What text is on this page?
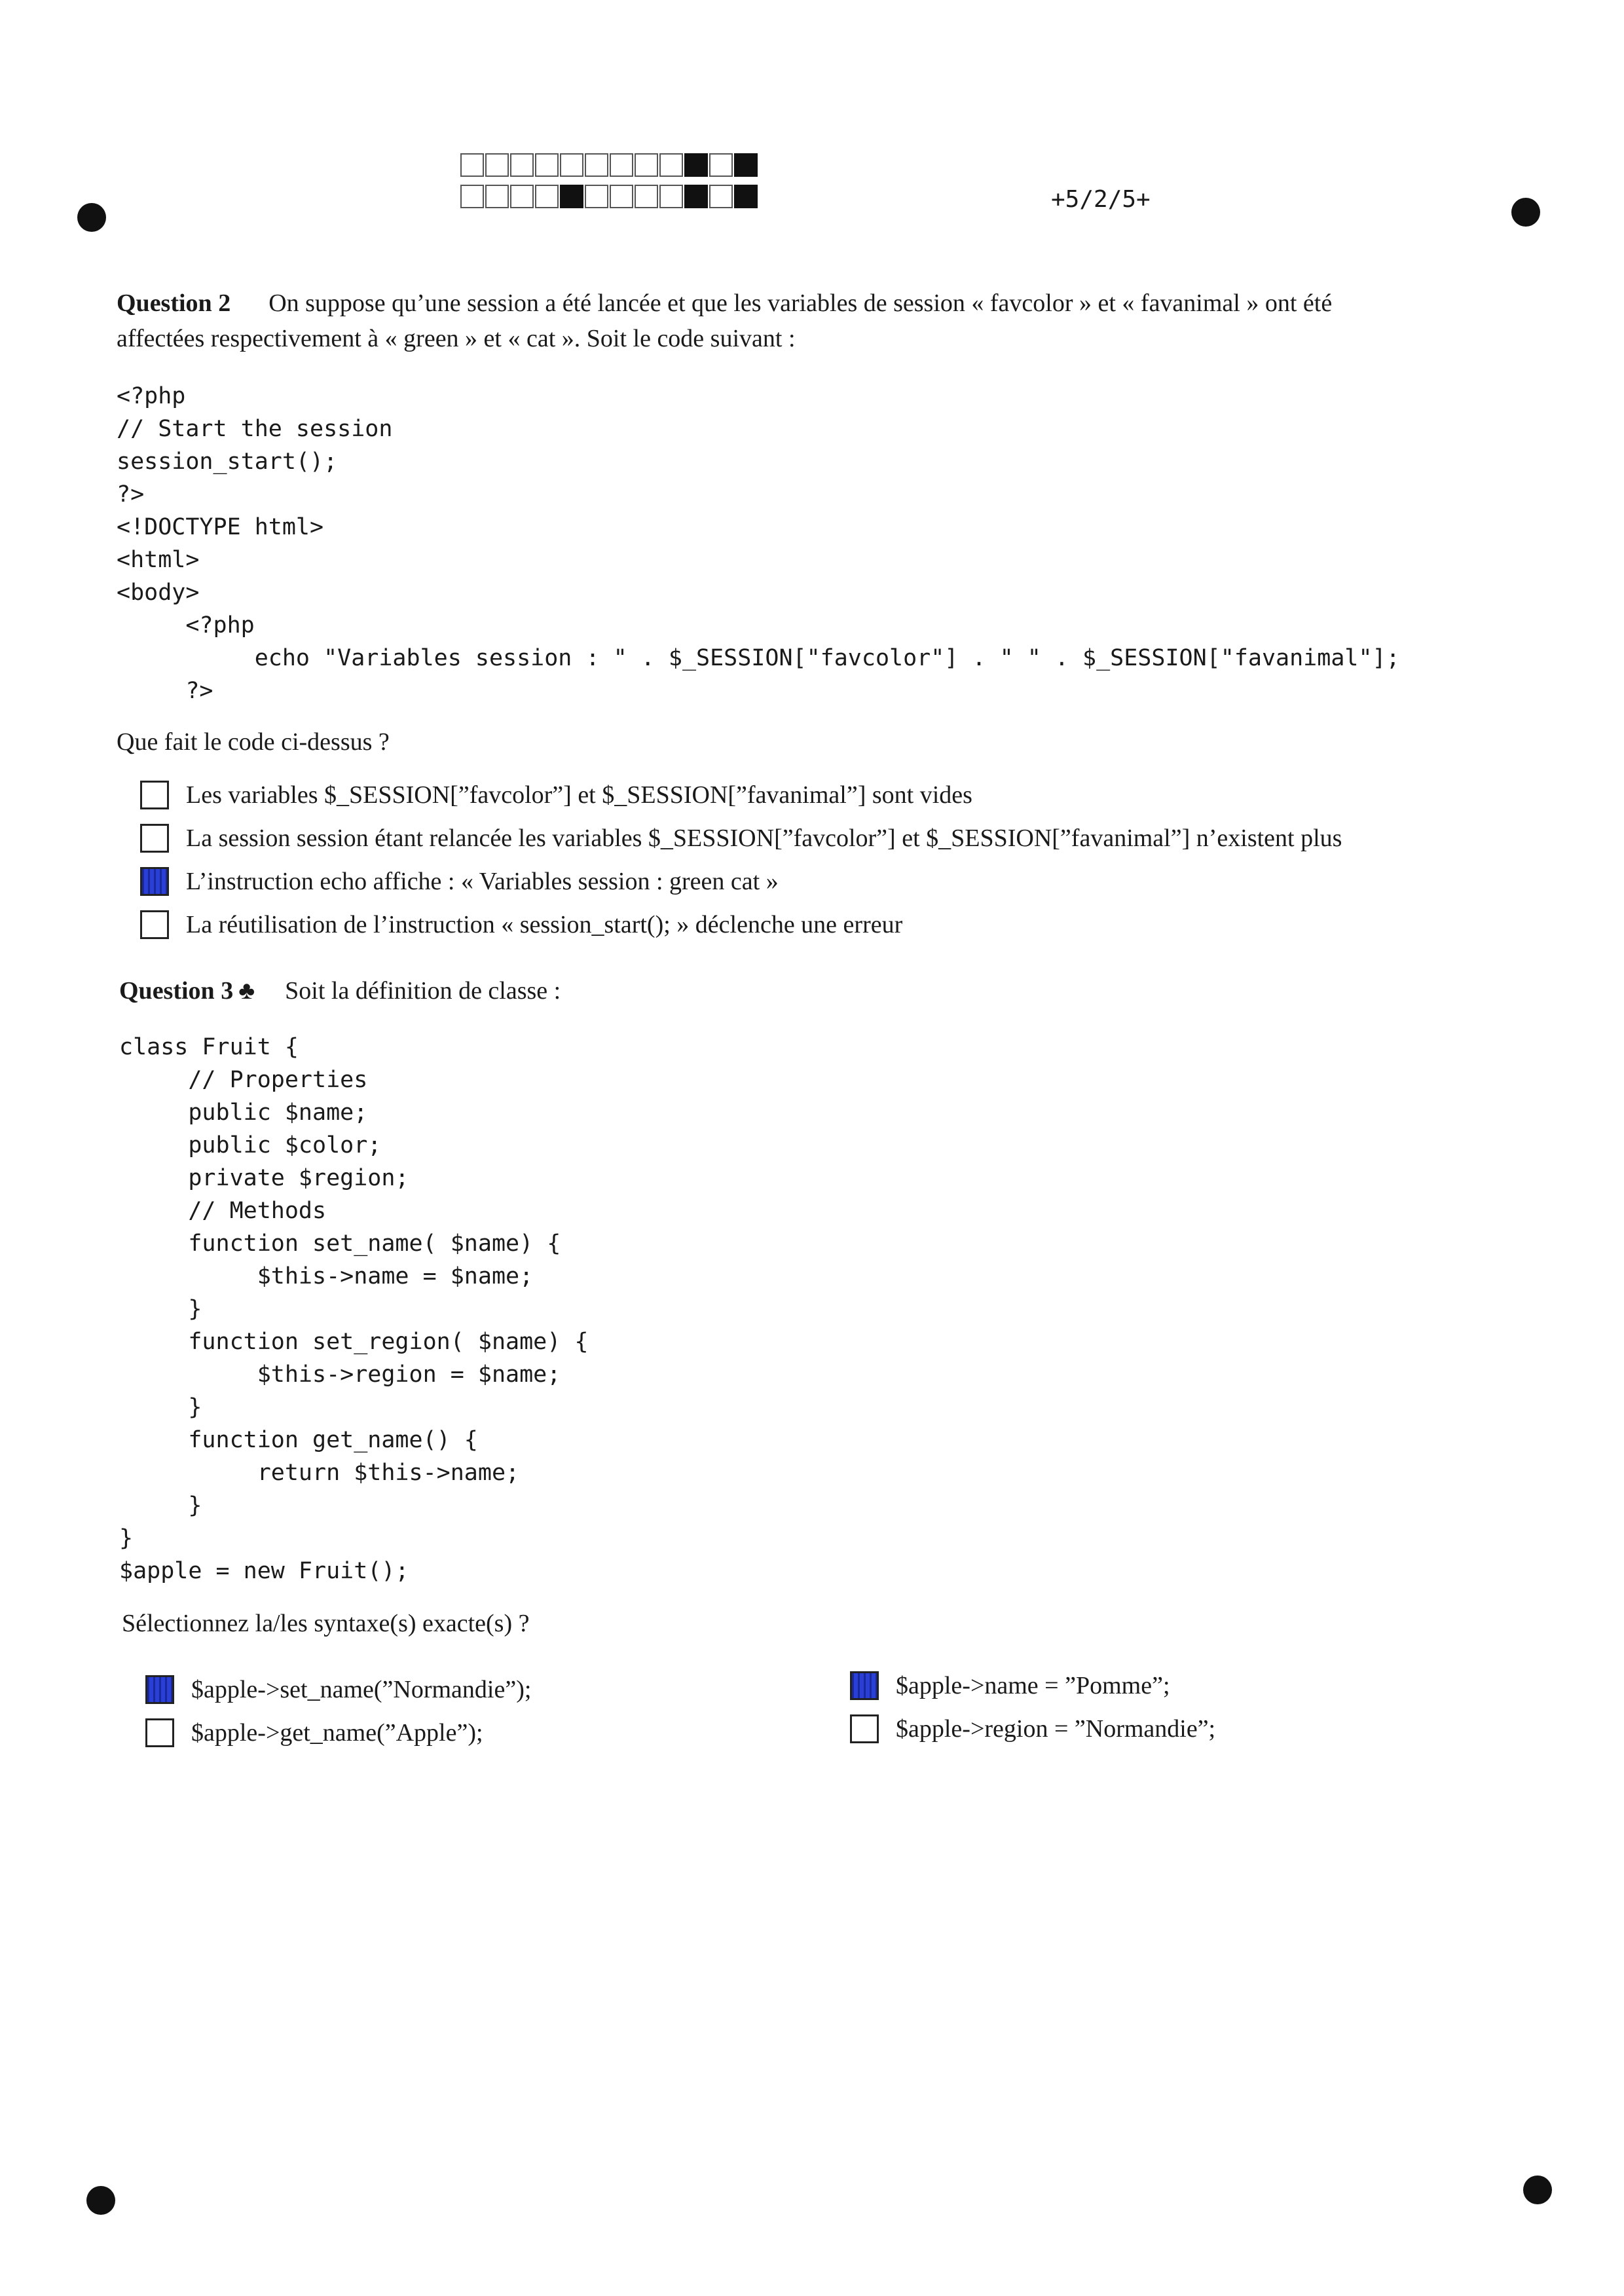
+5/2/5+
Question 2 On suppose qu’une session a été lancée et que les variables de session « favcolor » et « favanimal » ont été
affectées respectivement à « green » et « cat ». Soit le code suivant :
<?php
// Start the session
session_start();
?>
<!DOCTYPE html>
<html>
<body>
<?php
echo "Variables session : " . $_SESSION["favcolor"] . " " . $_SESSION["favanimal"];
?>
Que fait le code ci-dessus ?
Les variables $_SESSION[”favcolor”] et $_SESSION[”favanimal”] sont vides
La session session étant relancée les variables $_SESSION[”favcolor”] et $_SESSION[”favanimal”] n’existent plus
L’instruction echo affiche : « Variables session : green cat »
La réutilisation de l’instruction « session_start(); » déclenche une erreur
Question 3 ♣ Soit la définition de classe :
class Fruit {
// Properties
public $name;
public $color;
private $region;
// Methods
function set_name( $name) {
$this->name = $name;
}
function set_region( $name) {
$this->region = $name;
}
function get_name() {
return $this->name;
}
}
$apple = new Fruit();
Sélectionnez la/les syntaxe(s) exacte(s) ?
$apple->set_name(”Normandie”);
$apple->get_name(”Apple”);
$apple->name = ”Pomme”;
$apple->region = ”Normandie”;
